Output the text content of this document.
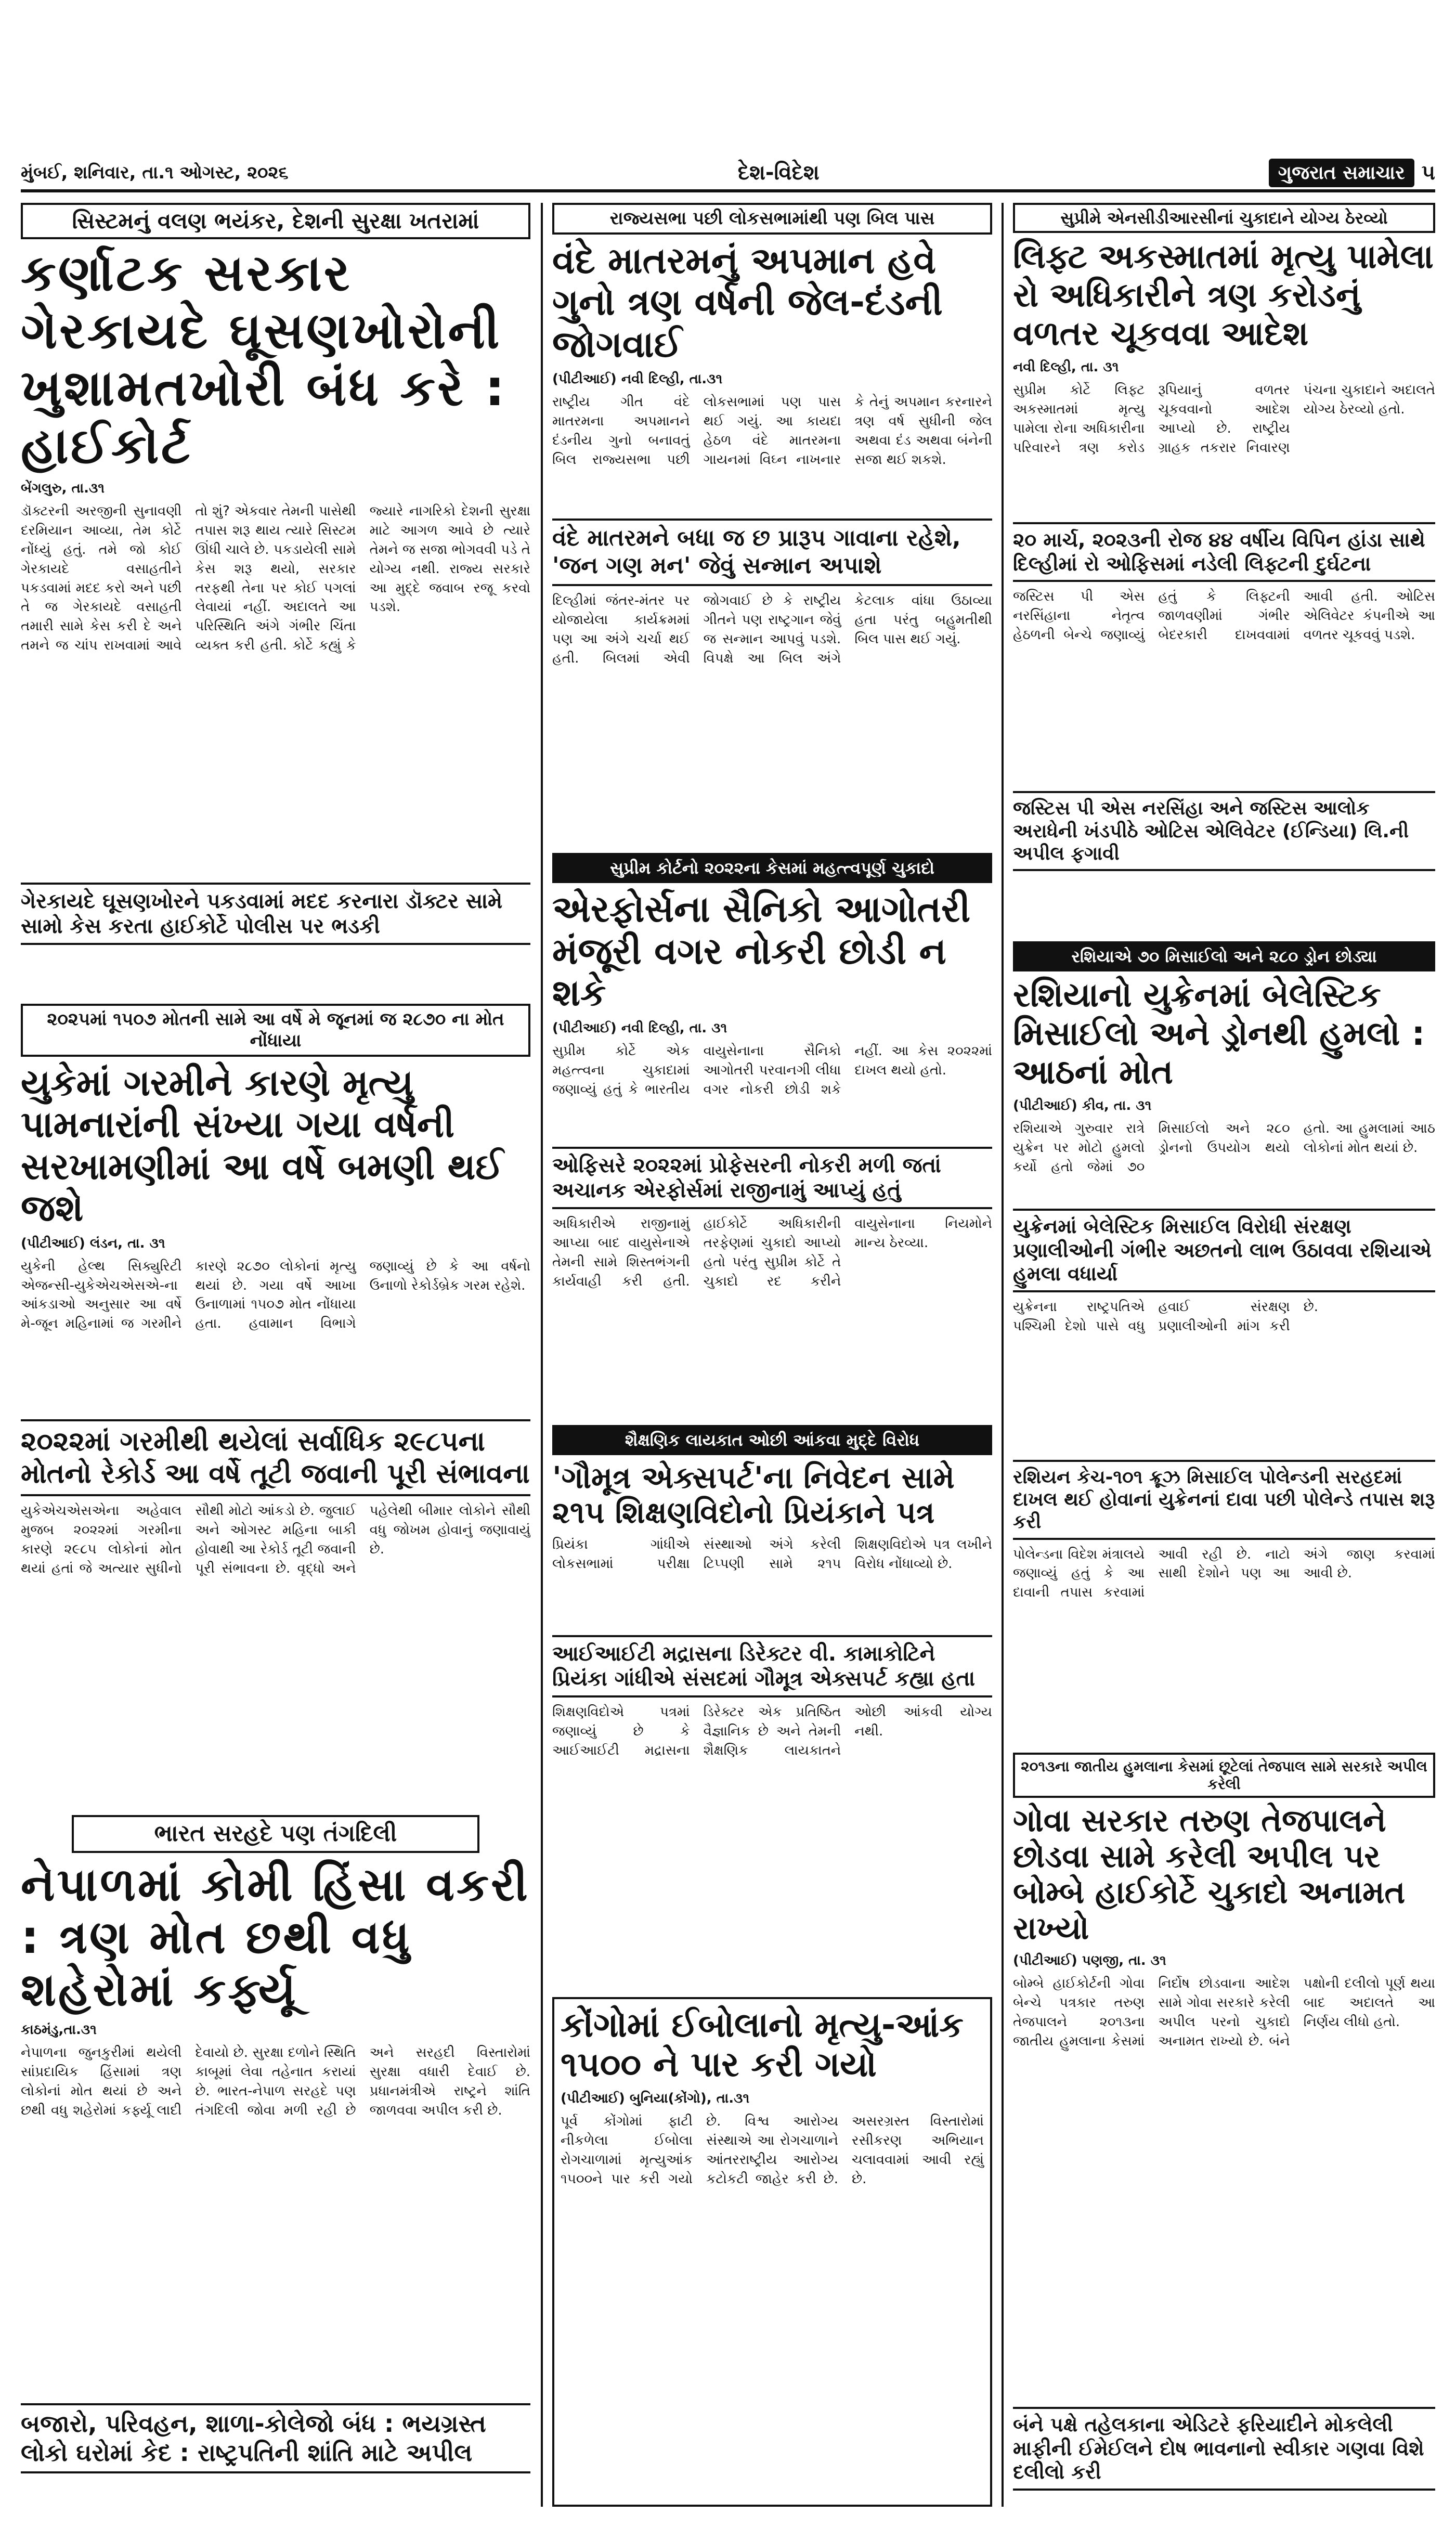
મુંબઈ, શનિવાર, તા.૧ ઓગસ્ટ, ૨૦૨૬	દેશ-વિદેશ	ગુજરાત સમાચાર ૫
સિસ્ટમનું વલણ ભયંકર, દેશની સુરક્ષા ખતરામાં
કર્ણાટક સરકાર ગેરકાયદે ઘૂસણખોરોની ખુશામતખોરી બંધ કરે : હાઈકોર્ટ
બેંગલુરુ, તા.૩૧
ડૉક્ટરની અરજીની સુનાવણી દરમિયાન આવ્યા, તેમ કોર્ટે નોંધ્યું હતું. તમે જો કોઈ ગેરકાયદે વસાહતીને પકડવામાં મદદ કરો અને પછી તે જ ગેરકાયદે વસાહતી તમારી સામે કેસ કરી દે અને તમને જ ચાંપ રાખવામાં આવે તો શું? એકવાર તેમની પાસેથી તપાસ શરૂ થાય ત્યારે સિસ્ટમ ઊંધી ચાલે છે. પકડાયેલી સામે કેસ શરૂ થયો, સરકાર તરફથી તેના પર કોઈ પગલાં લેવાયાં નહીં. અદાલતે આ પરિસ્થિતિ અંગે ગંભીર ચિંતા વ્યક્ત કરી હતી. કોર્ટે કહ્યું કે જ્યારે નાગરિકો દેશની સુરક્ષા માટે આગળ આવે છે ત્યારે તેમને જ સજા ભોગવવી પડે તે યોગ્ય નથી. રાજ્ય સરકારે આ મુદ્દે જવાબ રજૂ કરવો પડશે.
ગેરકાયદે ઘૂસણખોરને પકડવામાં મદદ કરનારા ડૉક્ટર સામે સામો કેસ કરતા હાઈકોર્ટે પોલીસ પર ભડકી
૨૦૨૫માં ૧૫૦૭ મોતની સામે આ વર્ષે મે જૂનમાં જ ૨૮૭૦ ના મોત નોંધાયા
યુકેમાં ગરમીને કારણે મૃત્યુ પામનારાંની સંખ્યા ગયા વર્ષની સરખામણીમાં આ વર્ષે બમણી થઈ જશે
(પીટીઆઈ) લંડન, તા. ૩૧
યુકેની હેલ્થ સિક્યુરિટી એજન્સી-યુકેએચએસએ-ના આંકડાઓ અનુસાર આ વર્ષે મે-જૂન મહિનામાં જ ગરમીને કારણે ૨૮૭૦ લોકોનાં મૃત્યુ થયાં છે. ગયા વર્ષે આખા ઉનાળામાં ૧૫૦૭ મોત નોંધાયા હતા. હવામાન વિભાગે જણાવ્યું છે કે આ વર્ષનો ઉનાળો રેકોર્ડબ્રેક ગરમ રહેશે.
૨૦૨૨માં ગરમીથી થયેલાં સર્વાધિક ૨૯૮૫ના મોતનો રેકોર્ડ આ વર્ષે તૂટી જવાની પૂરી સંભાવના
યુકેએચએસએના અહેવાલ મુજબ ૨૦૨૨માં ગરમીના કારણે ૨૯૮૫ લોકોનાં મોત થયાં હતાં જે અત્યાર સુધીનો સૌથી મોટો આંકડો છે. જુલાઈ અને ઓગસ્ટ મહિના બાકી હોવાથી આ રેકોર્ડ તૂટી જવાની પૂરી સંભાવના છે. વૃદ્ધો અને પહેલેથી બીમાર લોકોને સૌથી વધુ જોખમ હોવાનું જણાવાયું છે.
ભારત સરહદે પણ તંગદિલી
નેપાળમાં કોમી હિંસા વકરી : ત્રણ મોત છથી વધુ શહેરોમાં કર્ફ્યૂ
કાઠમંડુ,તા.૩૧
નેપાળના જુનકુરીમાં થયેલી સાંપ્રદાયિક હિંસામાં ત્રણ લોકોનાં મોત થયાં છે અને છથી વધુ શહેરોમાં કર્ફ્યૂ લાદી દેવાયો છે. સુરક્ષા દળોને સ્થિતિ કાબૂમાં લેવા તહેનાત કરાયાં છે. ભારત-નેપાળ સરહદે પણ તંગદિલી જોવા મળી રહી છે અને સરહદી વિસ્તારોમાં સુરક્ષા વધારી દેવાઈ છે. પ્રધાનમંત્રીએ રાષ્ટ્રને શાંતિ જાળવવા અપીલ કરી છે.
બજારો, પરિવહન, શાળા-કોલેજો બંધ : ભયગ્રસ્ત લોકો ઘરોમાં કેદ : રાષ્ટ્રપતિની શાંતિ માટે અપીલ
રાજ્યસભા પછી લોકસભામાંથી પણ બિલ પાસ
વંદે માતરમનું અપમાન હવે ગુનો ત્રણ વર્ષની જેલ-દંડની જોગવાઈ
(પીટીઆઈ) નવી દિલ્હી, તા.૩૧
રાષ્ટ્રીય ગીત વંદે માતરમના અપમાનને દંડનીય ગુનો બનાવતું બિલ રાજ્યસભા પછી લોકસભામાં પણ પાસ થઈ ગયું. આ કાયદા હેઠળ વંદે માતરમના ગાયનમાં વિઘ્ન નાખનાર કે તેનું અપમાન કરનારને ત્રણ વર્ષ સુધીની જેલ અથવા દંડ અથવા બંનેની સજા થઈ શકશે.
વંદે માતરમને બધા જ છ પ્રારૂપ ગાવાના રહેશે, 'જન ગણ મન' જેવું સન્માન અપાશે
દિલ્હીમાં જંતર-મંતર પર યોજાયેલા કાર્યક્રમમાં પણ આ અંગે ચર્ચા થઈ હતી. બિલમાં એવી જોગવાઈ છે કે રાષ્ટ્રીય ગીતને પણ રાષ્ટ્રગાન જેવું જ સન્માન આપવું પડશે. વિપક્ષે આ બિલ અંગે કેટલાક વાંધા ઉઠાવ્યા હતા પરંતુ બહુમતીથી બિલ પાસ થઈ ગયું.
સુપ્રીમ કોર્ટનો ૨૦૨૨ના કેસમાં મહત્ત્વપૂર્ણ ચુકાદો
એરફોર્સના સૈનિકો આગોતરી મંજૂરી વગર નોકરી છોડી ન શકે
(પીટીઆઈ) નવી દિલ્હી, તા. ૩૧
સુપ્રીમ કોર્ટે એક મહત્ત્વના ચુકાદામાં જણાવ્યું હતું કે ભારતીય વાયુસેનાના સૈનિકો આગોતરી પરવાનગી લીધા વગર નોકરી છોડી શકે નહીં. આ કેસ ૨૦૨૨માં દાખલ થયો હતો.
ઓફિસરે ૨૦૨૨માં પ્રોફેસરની નોકરી મળી જતાં અચાનક એરફોર્સમાં રાજીનામું આપ્યું હતું
અધિકારીએ રાજીનામું આપ્યા બાદ વાયુસેનાએ તેમની સામે શિસ્તભંગની કાર્યવાહી કરી હતી. હાઈકોર્ટે અધિકારીની તરફેણમાં ચુકાદો આપ્યો હતો પરંતુ સુપ્રીમ કોર્ટે તે ચુકાદો રદ કરીને વાયુસેનાના નિયમોને માન્ય ઠેરવ્યા.
શૈક્ષણિક લાયકાત ઓછી આંકવા મુદ્દે વિરોધ
'ગૌમૂત્ર એક્સપર્ટ'ના નિવેદન સામે ૨૧૫ શિક્ષણવિદોનો પ્રિયંકાને પત્ર
પ્રિયંકા ગાંધીએ લોકસભામાં પરીક્ષા સંસ્થાઓ અંગે કરેલી ટિપ્પણી સામે ૨૧૫ શિક્ષણવિદોએ પત્ર લખીને વિરોધ નોંધાવ્યો છે.
આઈઆઈટી મદ્રાસના ડિરેક્ટર વી. કામાકોટિને પ્રિયંકા ગાંધીએ સંસદમાં ગૌમૂત્ર એક્સપર્ટ કહ્યા હતા
શિક્ષણવિદોએ પત્રમાં જણાવ્યું છે કે આઈઆઈટી મદ્રાસના ડિરેક્ટર એક પ્રતિષ્ઠિત વૈજ્ઞાનિક છે અને તેમની શૈક્ષણિક લાયકાતને ઓછી આંકવી યોગ્ય નથી.
કોંગોમાં ઈબોલાનો મૃત્યુ-આંક ૧૫૦૦ ને પાર કરી ગયો
(પીટીઆઈ) બુનિયા(કોંગો), તા.૩૧
પૂર્વ કોંગોમાં ફાટી નીકળેલા ઈબોલા રોગચાળામાં મૃત્યુઆંક ૧૫૦૦ને પાર કરી ગયો છે. વિશ્વ આરોગ્ય સંસ્થાએ આ રોગચાળાને આંતરરાષ્ટ્રીય આરોગ્ય કટોકટી જાહેર કરી છે. અસરગ્રસ્ત વિસ્તારોમાં રસીકરણ અભિયાન ચલાવવામાં આવી રહ્યું છે.
સુપ્રીમે એનસીડીઆરસીનાં ચુકાદાને યોગ્ય ઠેરવ્યો
લિફ્ટ અકસ્માતમાં મૃત્યુ પામેલા રો અધિકારીને ત્રણ કરોડનું વળતર ચૂકવવા આદેશ
નવી દિલ્હી, તા. ૩૧
સુપ્રીમ કોર્ટે લિફ્ટ અકસ્માતમાં મૃત્યુ પામેલા રોના અધિકારીના પરિવારને ત્રણ કરોડ રૂપિયાનું વળતર ચૂકવવાનો આદેશ આપ્યો છે. રાષ્ટ્રીય ગ્રાહક તકરાર નિવારણ પંચના ચુકાદાને અદાલતે યોગ્ય ઠેરવ્યો હતો.
૨૦ માર્ચ, ૨૦૨૩ની રોજ ૪૪ વર્ષીય વિપિન હાંડા સાથે દિલ્હીમાં રો ઓફિસમાં નડેલી લિફ્ટની દુર્ઘટના
જસ્ટિસ પી એસ નરસિંહાના નેતૃત્વ હેઠળની બેન્ચે જણાવ્યું હતું કે લિફ્ટની જાળવણીમાં ગંભીર બેદરકારી દાખવવામાં આવી હતી. ઓટિસ એલિવેટર કંપનીએ આ વળતર ચૂકવવું પડશે.
જસ્ટિસ પી એસ નરસિંહા અને જસ્ટિસ આલોક અરાધેની ખંડપીઠે ઓટિસ એલિવેટર (ઈન્ડિયા) લિ.ની અપીલ ફગાવી
રશિયાએ ૭૦ મિસાઈલો અને ૨૮૦ ડ્રોન છોડ્યા
રશિયાનો યુક્રેનમાં બેલેસ્ટિક મિસાઈલો અને ડ્રોનથી હુમલો : આઠનાં મોત
(પીટીઆઈ) કીવ, તા. ૩૧
રશિયાએ ગુરુવાર રાત્રે યુક્રેન પર મોટો હુમલો કર્યો હતો જેમાં ૭૦ મિસાઈલો અને ૨૮૦ ડ્રોનનો ઉપયોગ થયો હતો. આ હુમલામાં આઠ લોકોનાં મોત થયાં છે.
યુક્રેનમાં બેલેસ્ટિક મિસાઈલ વિરોધી સંરક્ષણ પ્રણાલીઓની ગંભીર અછતનો લાભ ઉઠાવવા રશિયાએ હુમલા વધાર્યા
યુક્રેનના રાષ્ટ્રપતિએ પશ્ચિમી દેશો પાસે વધુ હવાઈ સંરક્ષણ પ્રણાલીઓની માંગ કરી છે.
રશિયન કેચ-૧૦૧ ક્રૂઝ મિસાઈલ પોલેન્ડની સરહદમાં દાખલ થઈ હોવાનાં યુક્રેનનાં દાવા પછી પોલેન્ડે તપાસ શરૂ કરી
પોલેન્ડના વિદેશ મંત્રાલયે જણાવ્યું હતું કે આ દાવાની તપાસ કરવામાં આવી રહી છે. નાટો સાથી દેશોને પણ આ અંગે જાણ કરવામાં આવી છે.
૨૦૧૩ના જાતીય હુમલાના કેસમાં છૂટેલાં તેજપાલ સામે સરકારે અપીલ કરેલી
ગોવા સરકાર તરુણ તેજપાલને છોડવા સામે કરેલી અપીલ પર બોમ્બે હાઈકોર્ટે ચુકાદો અનામત રાખ્યો
(પીટીઆઈ) પણજી, તા. ૩૧
બોમ્બે હાઈકોર્ટની ગોવા બેન્ચે પત્રકાર તરુણ તેજપાલને ૨૦૧૩ના જાતીય હુમલાના કેસમાં નિર્દોષ છોડવાના આદેશ સામે ગોવા સરકારે કરેલી અપીલ પરનો ચુકાદો અનામત રાખ્યો છે. બંને પક્ષોની દલીલો પૂર્ણ થયા બાદ અદાલતે આ નિર્ણય લીધો હતો.
બંને પક્ષે તહેલકાના એડિટરે ફરિયાદીને મોકલેલી માફીની ઈમેઈલને દોષ ભાવનાનો સ્વીકાર ગણવા વિશે દલીલો કરી
